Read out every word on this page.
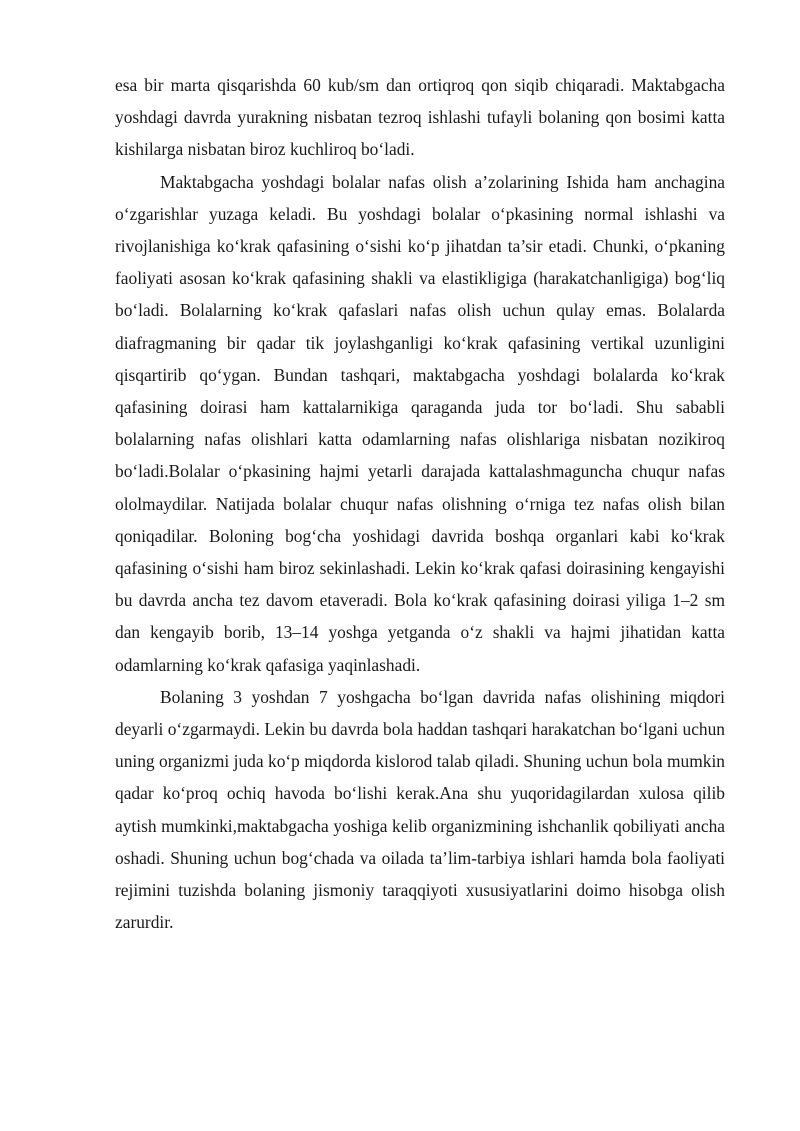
esa bir marta qisqarishda 60 kub/sm dan ortiqroq qon siqib chiqaradi. Maktabgacha yoshdagi davrda yurakning nisbatan tezroq ishlashi tufayli bolaning qon bosimi katta kishilarga nisbatan biroz kuchliroq bo‘ladi.

Maktabgacha yoshdagi bolalar nafas olish a’zolarining Ishida ham anchagina o‘zgarishlar yuzaga keladi. Bu yoshdagi bolalar o‘pkasining normal ishlashi va rivojlanishiga ko‘krak qafasining o‘sishi ko‘p jihatdan ta’sir etadi. Chunki, o‘pkaning faoliyati asosan ko‘krak qafasining shakli va elastikligiga (harakatchanligiga) bog‘liq bo‘ladi. Bolalarning ko‘krak qafaslari nafas olish uchun qulay emas. Bolalarda diafragmaning bir qadar tik joylashganligi ko‘krak qafasining vertikal uzunligini qisqartirib qo‘ygan. Bundan tashqari, maktabgacha yoshdagi bolalarda ko‘krak qafasining doirasi ham kattalarnikiga qaraganda juda tor bo‘ladi. Shu sababli bolalarning nafas olishlari katta odamlarning nafas olishlariga nisbatan nozikiroq bo‘ladi.Bolalar o‘pkasining hajmi yetarli darajada kattalashmaguncha chuqur nafas ololmaydilar. Natijada bolalar chuqur nafas olishning o‘rniga tez nafas olish bilan qoniqadilar. Boloning bog‘cha yoshidagi davrida boshqa organlari kabi ko‘krak qafasining o‘sishi ham biroz sekinlashadi. Lekin ko‘krak qafasi doirasining kengayishi bu davrda ancha tez davom etaveradi. Bola ko‘krak qafasining doirasi yiliga 1–2 sm dan kengayib borib, 13–14 yoshga yetganda o‘z shakli va hajmi jihatidan katta odamlarning ko‘krak qafasiga yaqinlashadi.

Bolaning 3 yoshdan 7 yoshgacha bo‘lgan davrida nafas olishining miqdori deyarli o‘zgarmaydi. Lekin bu davrda bola haddan tashqari harakatchan bo‘lgani uchun uning organizmi juda ko‘p miqdorda kislorod talab qiladi. Shuning uchun bola mumkin qadar ko‘proq ochiq havoda bo‘lishi kerak.Ana shu yuqoridagilardan xulosa qilib aytish mumkinki,maktabgacha yoshiga kelib organizmining ishchanlik qobiliyati ancha oshadi. Shuning uchun bog‘chada va oilada ta’lim-tarbiya ishlari hamda bola faoliyati rejimini tuzishda bolaning jismoniy taraqqiyoti xususiyatlarini doimo hisobga olish zarurdir.
